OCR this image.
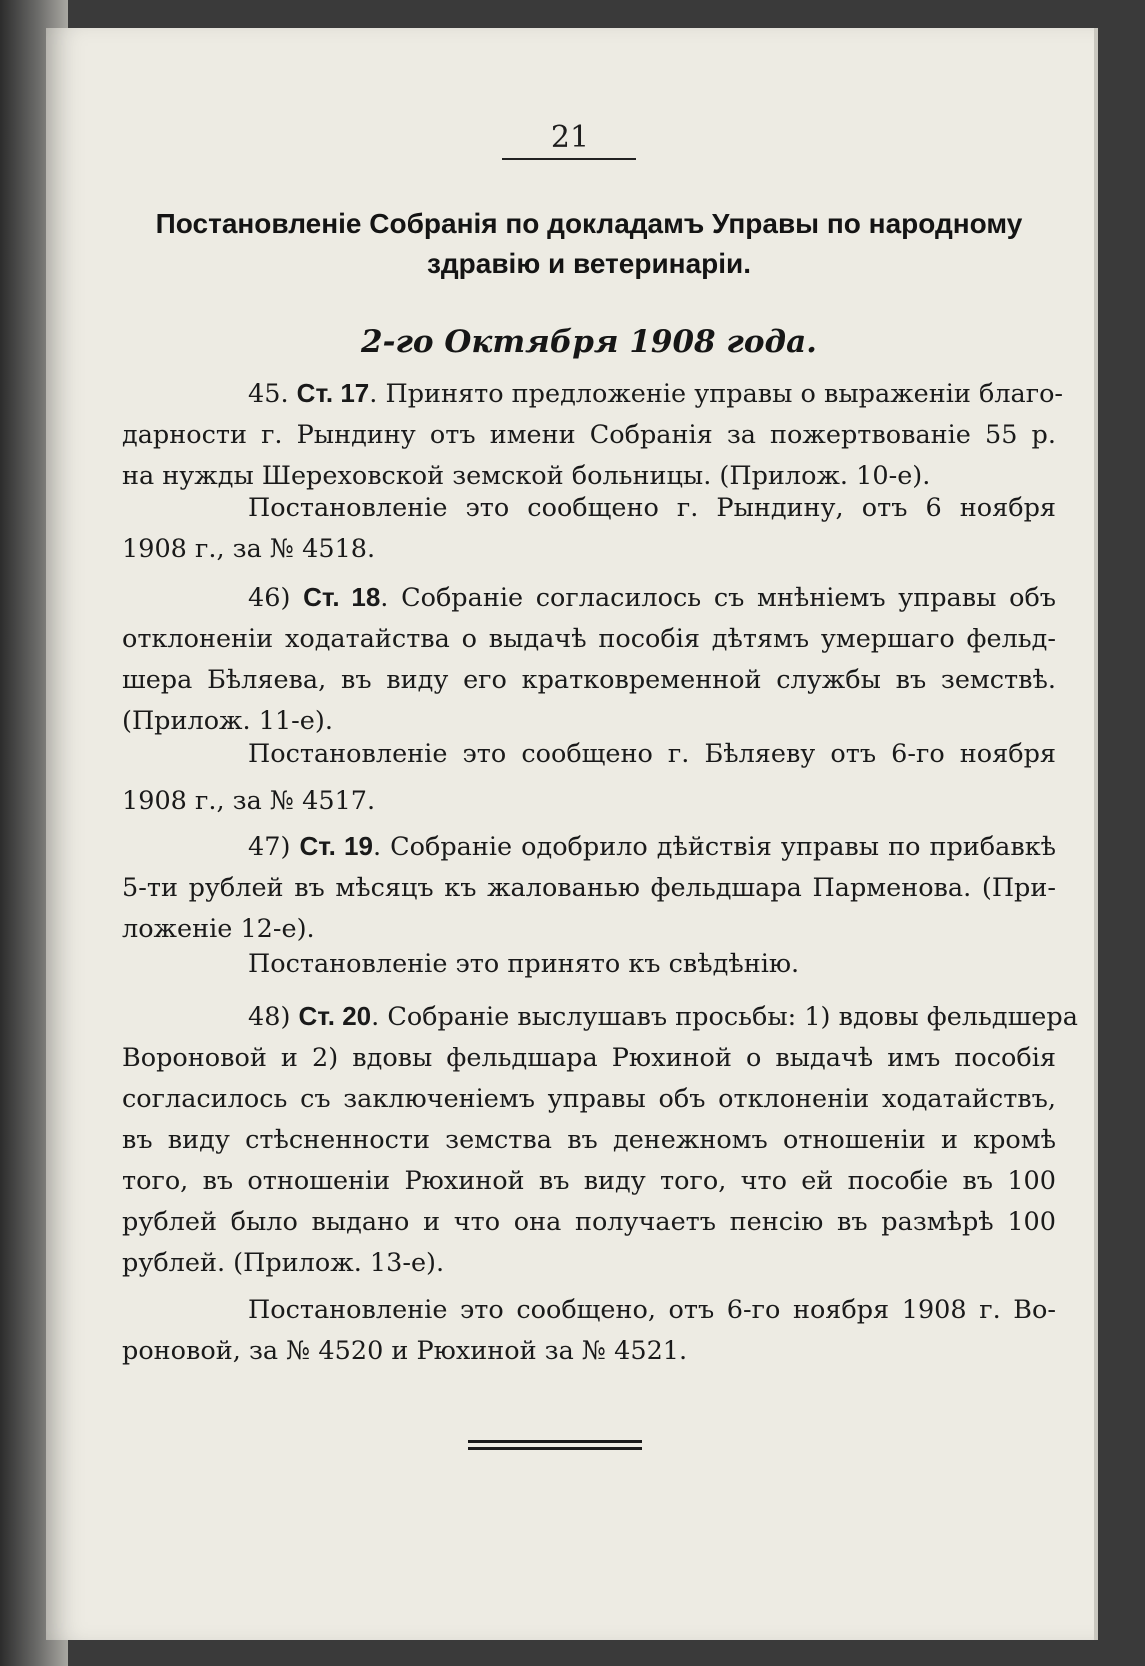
21
Постановленіе Собранія по докладамъ Управы по народному
здравію и ветеринаріи.
2-го Октября 1908 года.
45. Ст. 17. Принято предложеніе управы о выраженіи благо-
дарности г. Рындину отъ имени Собранія за пожертвованіе 55 р.
на нужды Шереховской земской больницы. (Прилож. 10-е).
Постановленіе это сообщено г. Рындину, отъ 6 ноября
1908 г., за № 4518.
46) Ст. 18. Собраніе согласилось съ мнѣніемъ управы объ
отклоненіи ходатайства о выдачѣ пособія дѣтямъ умершаго фельд-
шера Бѣляева, въ виду его кратковременной службы въ земствѣ.
(Прилож. 11-е).
Постановленіе это сообщено г. Бѣляеву отъ 6-го ноября
1908 г., за № 4517.
47) Ст. 19. Собраніе одобрило дѣйствія управы по прибавкѣ
5-ти рублей въ мѣсяцъ къ жалованью фельдшара Парменова. (При-
ложеніе 12-е).
Постановленіе это принято къ свѣдѣнію.
48) Ст. 20. Собраніе выслушавъ просьбы: 1) вдовы фельдшера
Вороновой и 2) вдовы фельдшара Рюхиной о выдачѣ имъ пособія
согласилось съ заключеніемъ управы объ отклоненіи ходатайствъ,
въ виду стѣсненности земства въ денежномъ отношеніи и кромѣ
того, въ отношеніи Рюхиной въ виду того, что ей пособіе въ 100
рублей было выдано и что она получаетъ пенсію въ размѣрѣ 100
рублей. (Прилож. 13-е).
Постановленіе это сообщено, отъ 6-го ноября 1908 г. Во-
роновой, за № 4520 и Рюхиной за № 4521.
